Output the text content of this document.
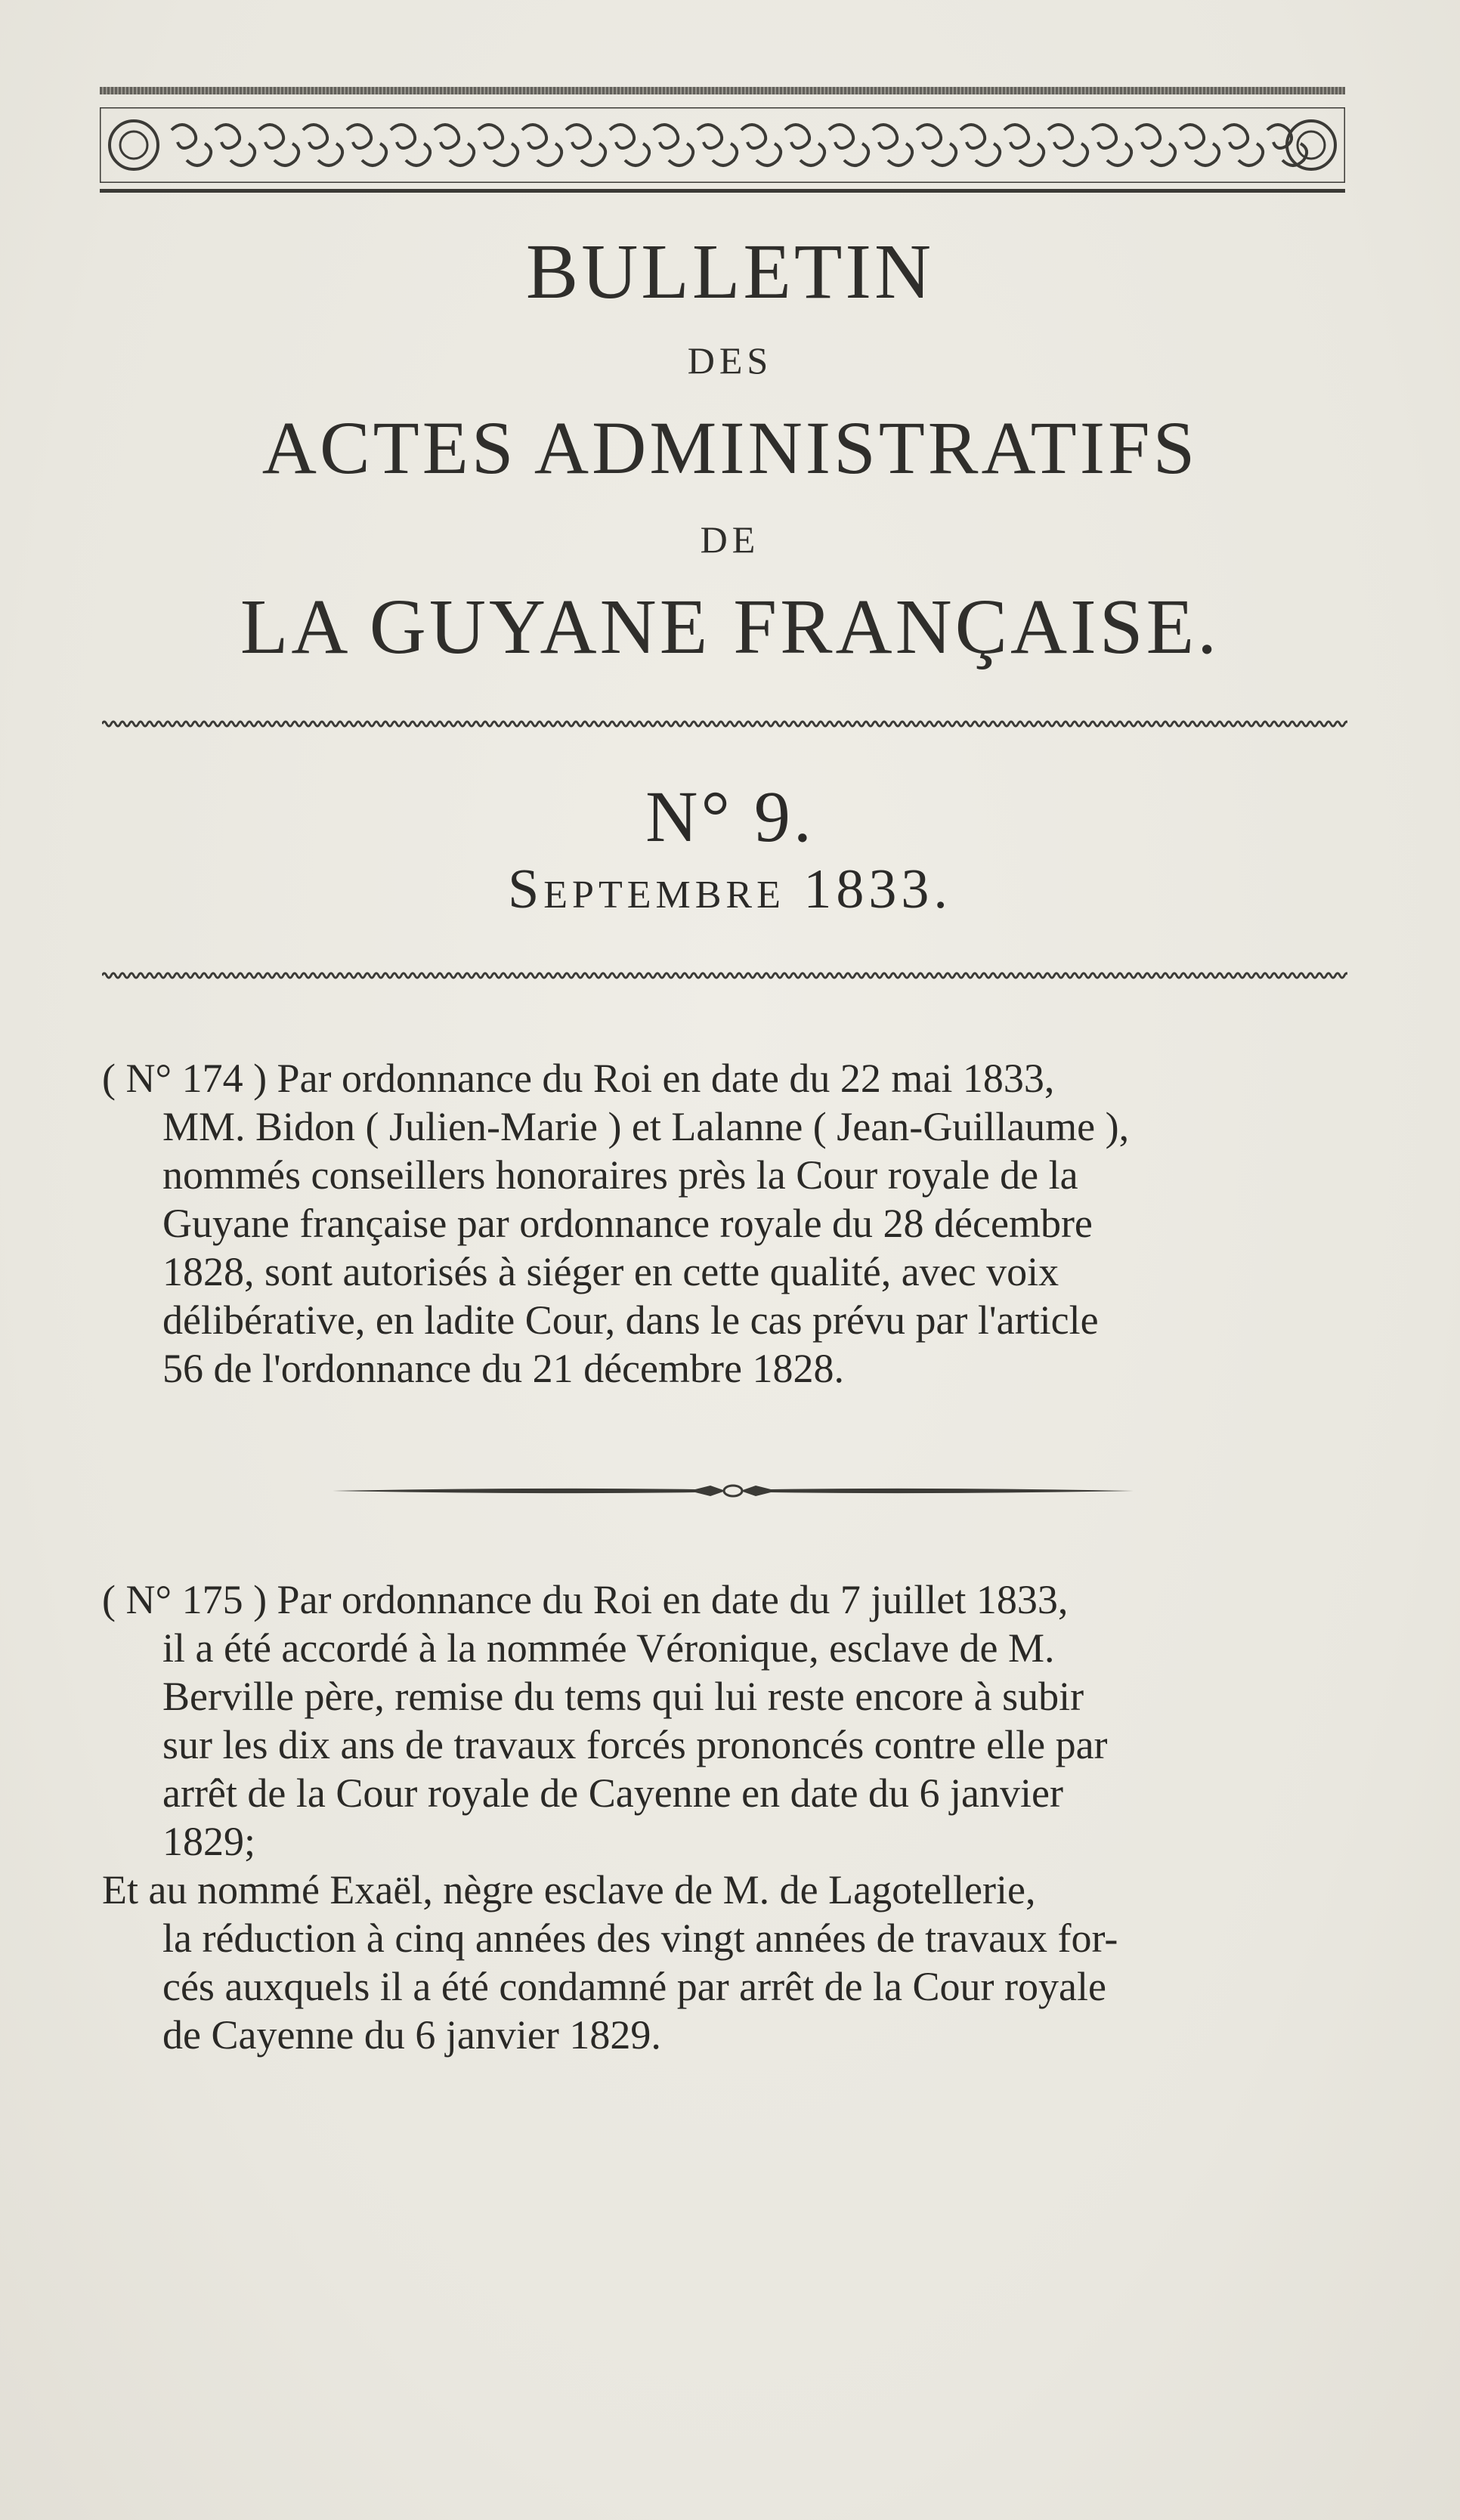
BULLETIN
DES
ACTES ADMINISTRATIFS
DE
LA GUYANE FRANÇAISE.
N° 9.
Septembre 1833.
( N° 174 ) Par ordonnance du Roi en date du 22 mai 1833,
MM. Bidon ( Julien-Marie ) et Lalanne ( Jean-Guillaume ),
nommés conseillers honoraires près la Cour royale de la
Guyane française par ordonnance royale du 28 décembre
1828, sont autorisés à siéger en cette qualité, avec voix
délibérative, en ladite Cour, dans le cas prévu par l'article
56 de l'ordonnance du 21 décembre 1828.
( N° 175 ) Par ordonnance du Roi en date du 7 juillet 1833,
il a été accordé à la nommée Véronique, esclave de M.
Berville père, remise du tems qui lui reste encore à subir
sur les dix ans de travaux forcés prononcés contre elle par
arrêt de la Cour royale de Cayenne en date du 6 janvier
1829;
Et au nommé Exaël, nègre esclave de M. de Lagotellerie,
la réduction à cinq années des vingt années de travaux for-
cés auxquels il a été condamné par arrêt de la Cour royale
de Cayenne du 6 janvier 1829.
